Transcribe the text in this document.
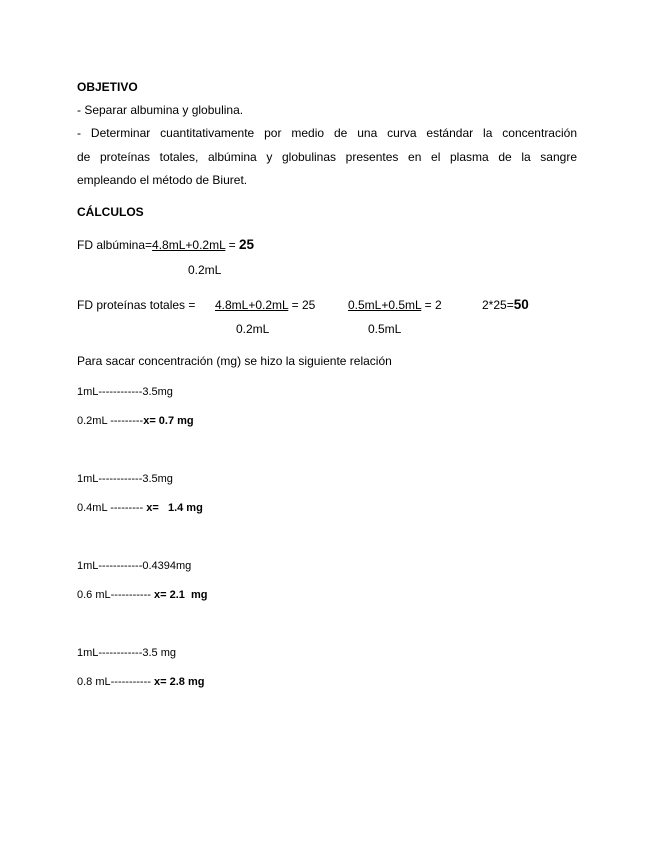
OBJETIVO
- Separar albumina y globulina.
- Determinar cuantitativamente por medio de una curva estándar la concentración
de proteínas totales, albúmina y globulinas presentes en el plasma de la sangre
empleando el método de Biuret.
CÁLCULOS
FD albúmina=4.8mL+0.2mL = 25
0.2mL
FD proteínas totales = 4.8mL+0.2mL = 25	0.5mL+0.5mL = 2	2*25=50
0.2mL	0.5mL
Para sacar concentración (mg) se hizo la siguiente relación
1mL------------3.5mg
0.2mL ---------x= 0.7 mg
1mL------------3.5mg
0.4mL --------- x=   1.4 mg
1mL------------0.4394mg
0.6 mL----------- x= 2.1  mg
1mL------------3.5 mg
0.8 mL----------- x= 2.8 mg
